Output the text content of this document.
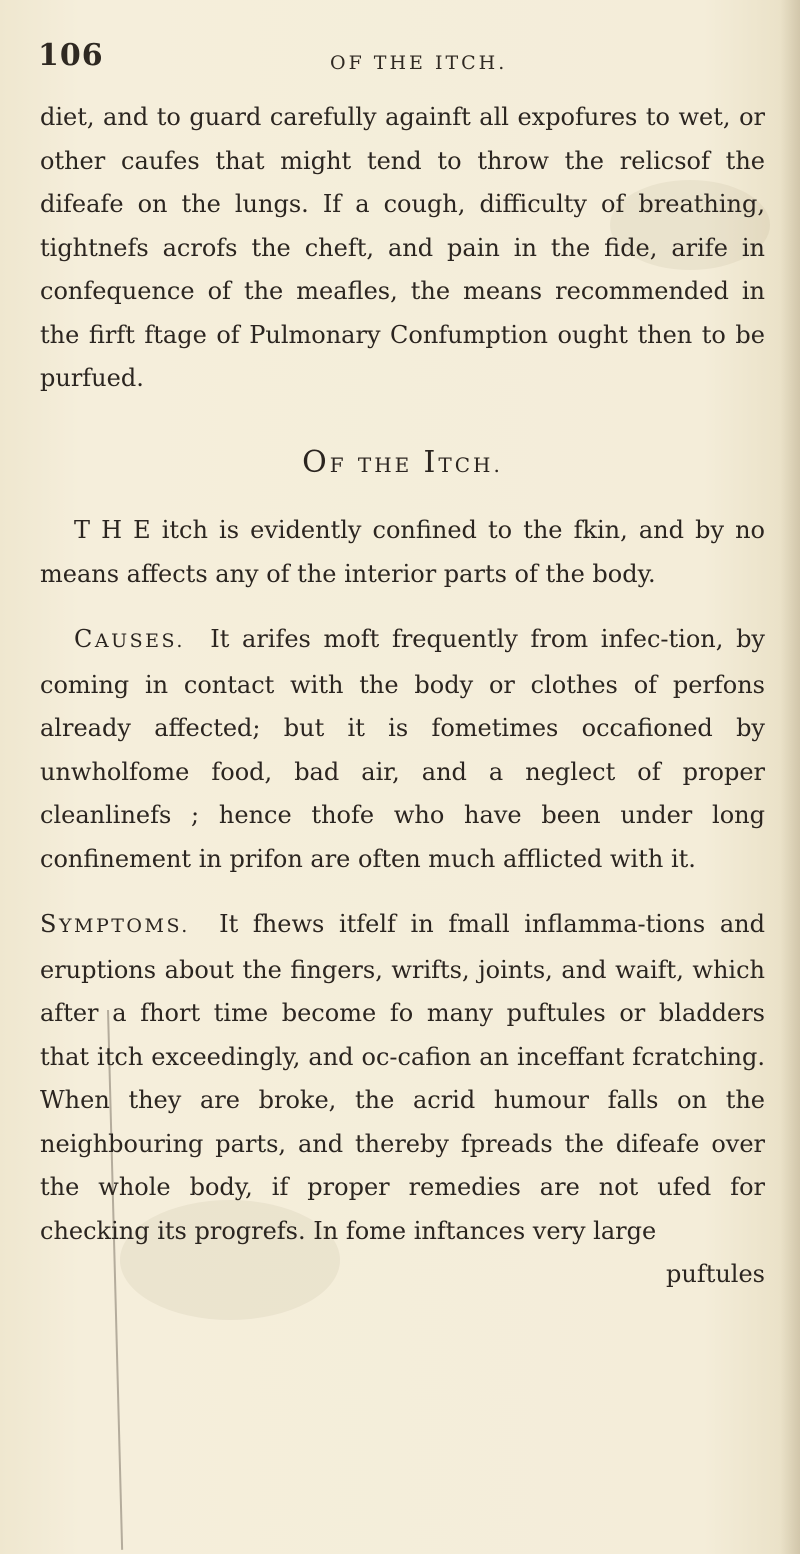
106	OF THE ITCH.

diet, and to guard carefully againft all expofures to wet, or other caufes that might tend to throw the relicsof the difeafe on the lungs. If a cough, difficulty of breathing, tightnefs acrofs the cheft, and pain in the fide, arife in confequence of the meafles, the means recommended in the firft ftage of Pulmonary Confumption ought then to be purfued.

OF THE ITCH.

T H E itch is evidently confined to the fkin, and by no means affects any of the interior parts of the body.

CAUSES. It arifes moft frequently from infec-tion, by coming in contact with the body or clothes of perfons already affected; but it is fometimes occafioned by unwholfome food, bad air, and a neglect of proper cleanlinefs ; hence thofe who have been under long confinement in prifon are often much afflicted with it.

SYMPTOMS. It fhews itfelf in fmall inflamma-tions and eruptions about the fingers, wrifts, joints, and waift, which after a fhort time become fo many puftules or bladders that itch exceedingly, and oc-cafion an inceffant fcratching. When they are broke, the acrid humour falls on the neighbouring parts, and thereby fpreads the difeafe over the whole body, if proper remedies are not ufed for checking its progrefs. In fome inftances very large

puftules
